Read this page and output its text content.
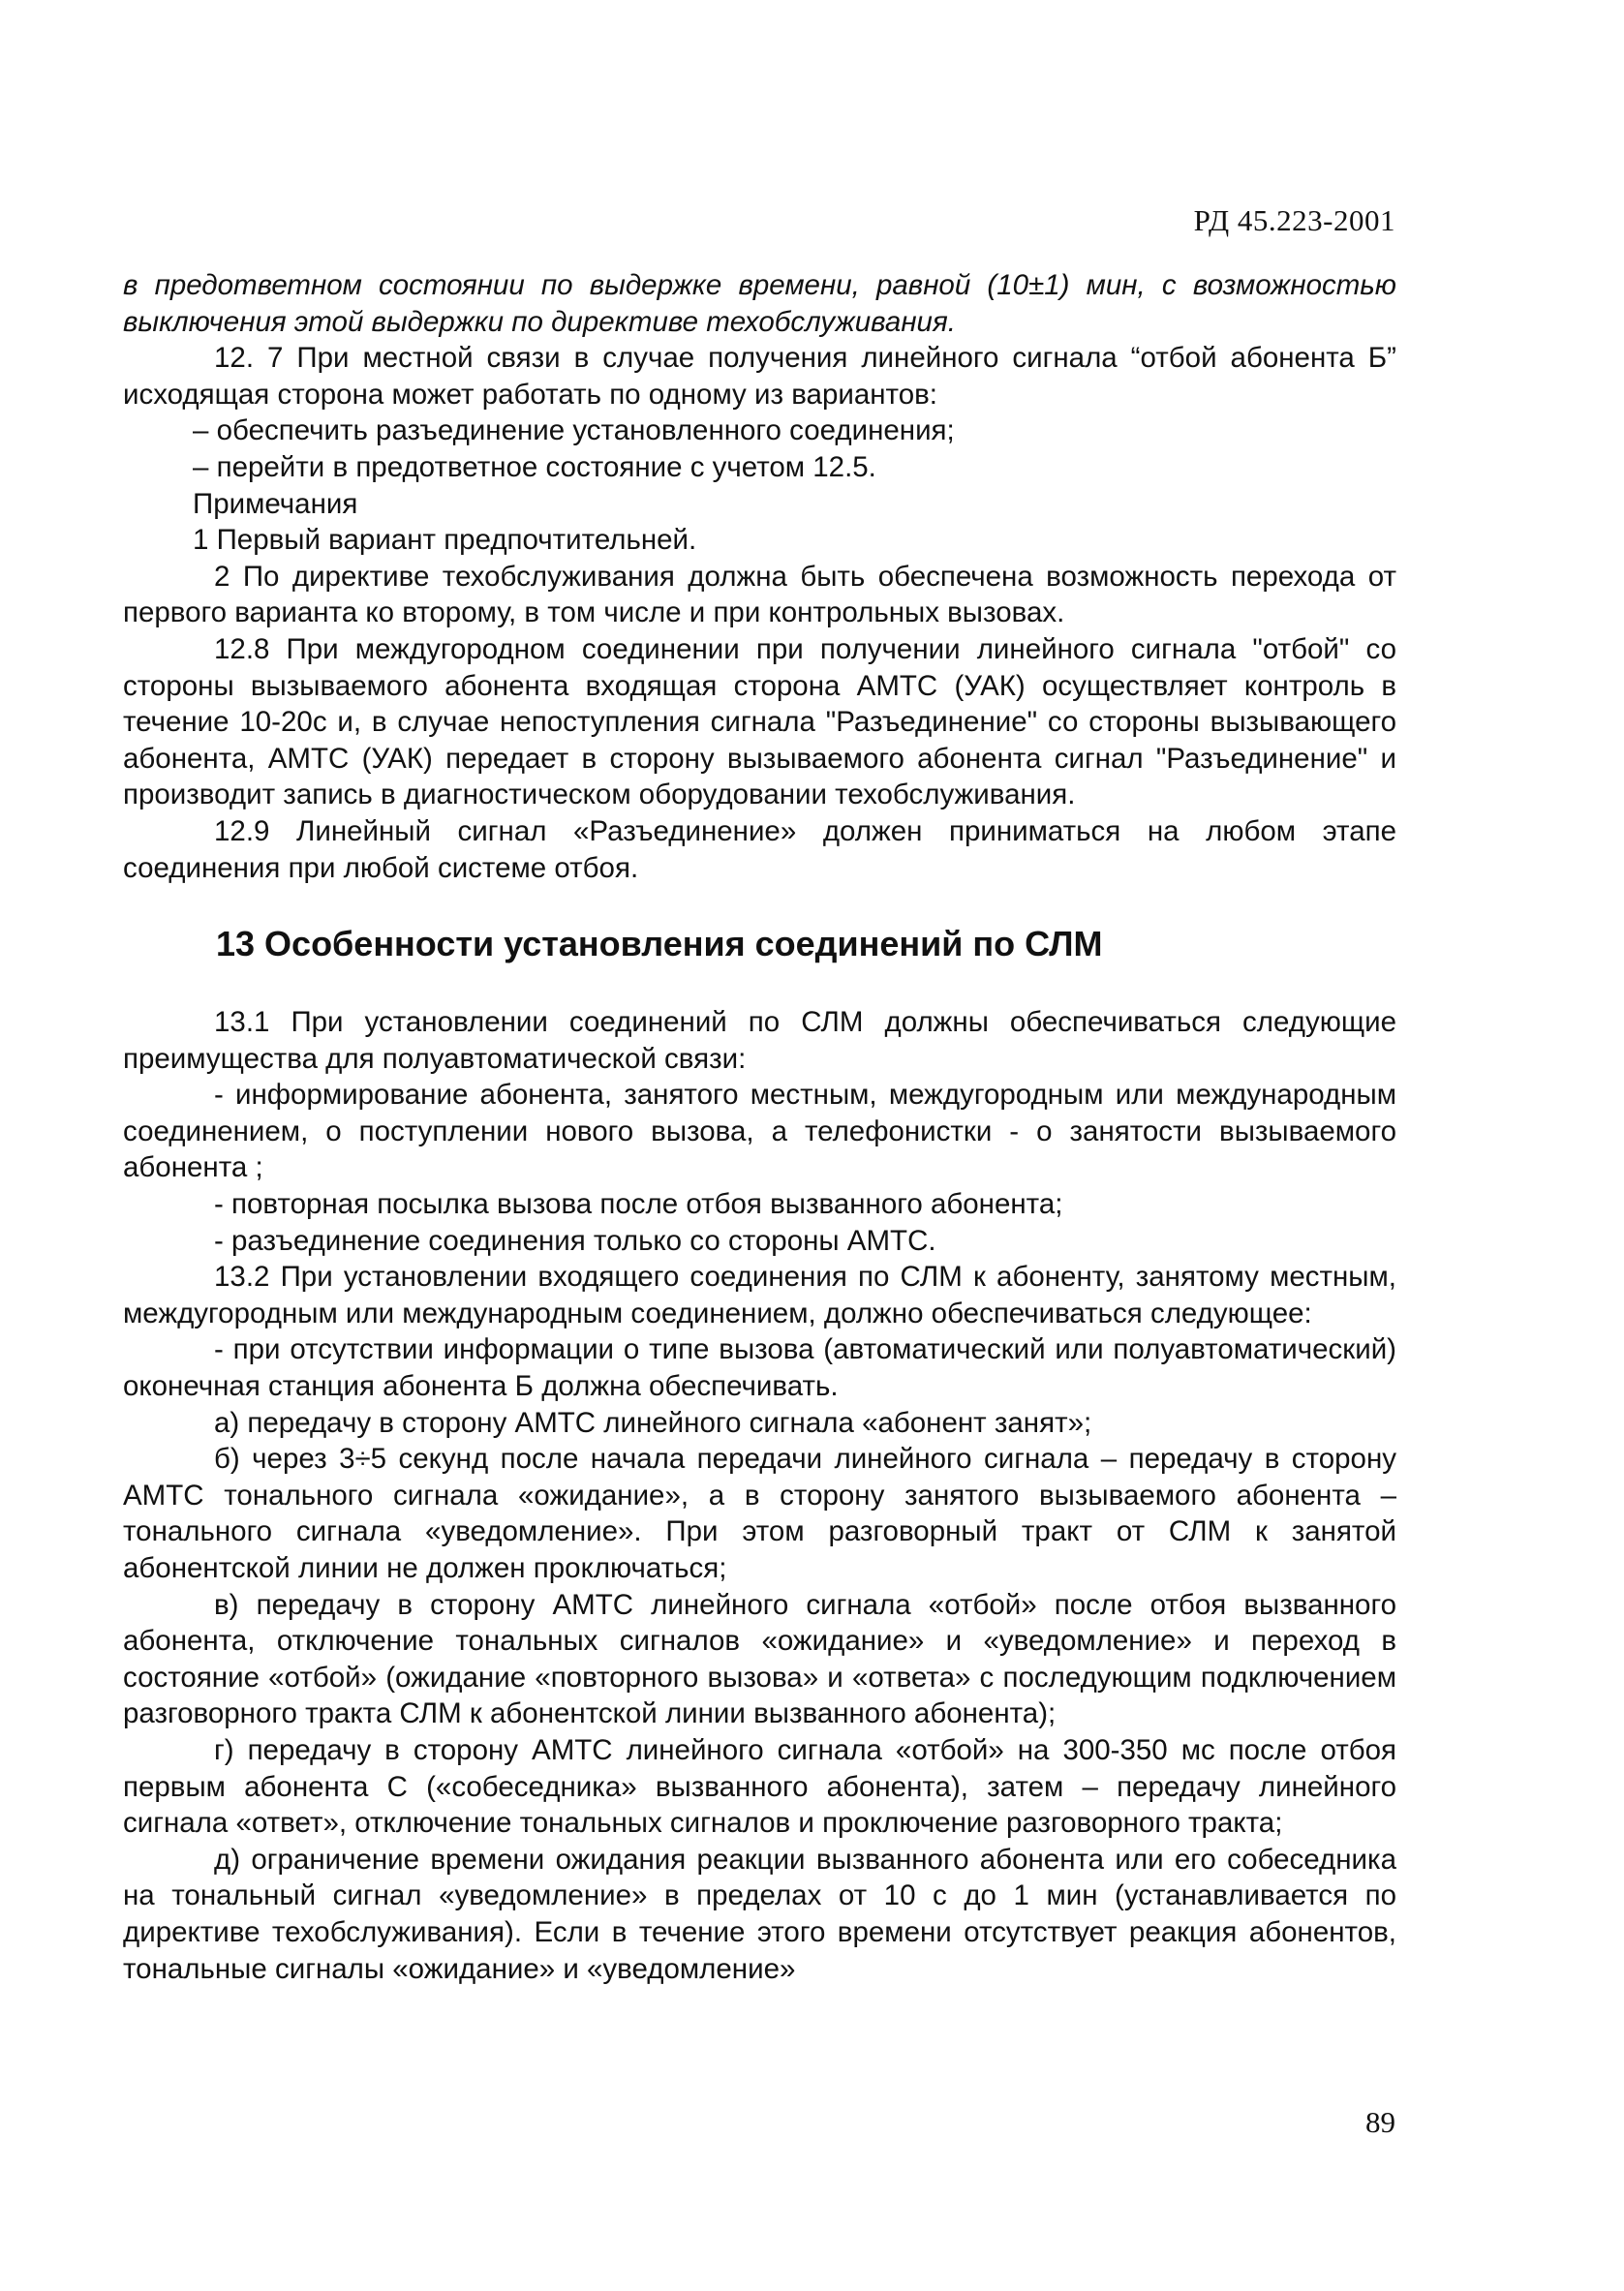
РД 45.223-2001

в предответном состоянии по выдержке времени, равной (10±1) мин, с возможностью выключения этой выдержки по директиве техобслуживания.

12. 7 При местной связи в случае получения линейного сигнала “отбой абонента Б” исходящая сторона может работать по одному из вариантов:

– обеспечить разъединение установленного соединения;

– перейти в предответное состояние с учетом 12.5.

Примечания

1 Первый вариант предпочтительней.

2 По директиве техобслуживания должна быть обеспечена возможность перехода от первого варианта ко второму, в том числе и при контрольных вызовах.

12.8 При междугородном соединении при получении линейного сигнала "отбой" со стороны вызываемого абонента входящая сторона АМТС (УАК) осуществляет контроль в течение 10-20с и, в случае непоступления сигнала "Разъединение" со стороны вызывающего абонента, АМТС (УАК) передает в сторону вызываемого абонента сигнал "Разъединение" и производит запись в диагностическом оборудовании техобслуживания.

12.9 Линейный сигнал «Разъединение» должен приниматься на любом этапе соединения при любой системе отбоя.

13 Особенности установления соединений по СЛМ

13.1 При установлении соединений по СЛМ должны обеспечиваться следующие преимущества для полуавтоматической связи:

- информирование абонента, занятого местным, междугородным или международным соединением, о поступлении нового вызова, а телефонистки - о занятости вызываемого абонента ;

- повторная посылка вызова после отбоя вызванного абонента;

- разъединение соединения только со стороны АМТС.

13.2 При установлении входящего соединения по СЛМ к абоненту, занятому местным, междугородным или международным соединением, должно обеспечиваться следующее:

- при отсутствии информации о типе вызова (автоматический или полуавтоматический) оконечная станция абонента Б должна обеспечивать.

а) передачу в сторону АМТС линейного сигнала «абонент занят»;

б) через 3÷5 секунд после начала передачи линейного сигнала – передачу в сторону АМТС тонального сигнала «ожидание», а в сторону занятого вызываемого абонента – тонального сигнала «уведомление». При этом разговорный тракт от СЛМ к занятой абонентской линии не должен проключаться;

в) передачу в сторону АМТС линейного сигнала «отбой» после отбоя вызванного абонента, отключение тональных сигналов «ожидание» и «уведомление» и переход в состояние «отбой» (ожидание «повторного вызова» и «ответа» с последующим подключением разговорного тракта СЛМ к абонентской линии вызванного абонента);

г) передачу в сторону АМТС линейного сигнала «отбой» на 300-350 мс после отбоя первым абонента С («собеседника» вызванного абонента), затем – передачу линейного сигнала «ответ», отключение тональных сигналов и проключение разговорного тракта;

д) ограничение времени ожидания реакции вызванного абонента или его собеседника на тональный сигнал «уведомление» в пределах от 10 с до 1 мин (устанавливается по директиве техобслуживания). Если в течение этого времени отсутствует реакция абонентов, тональные сигналы «ожидание» и «уведомление»

89
